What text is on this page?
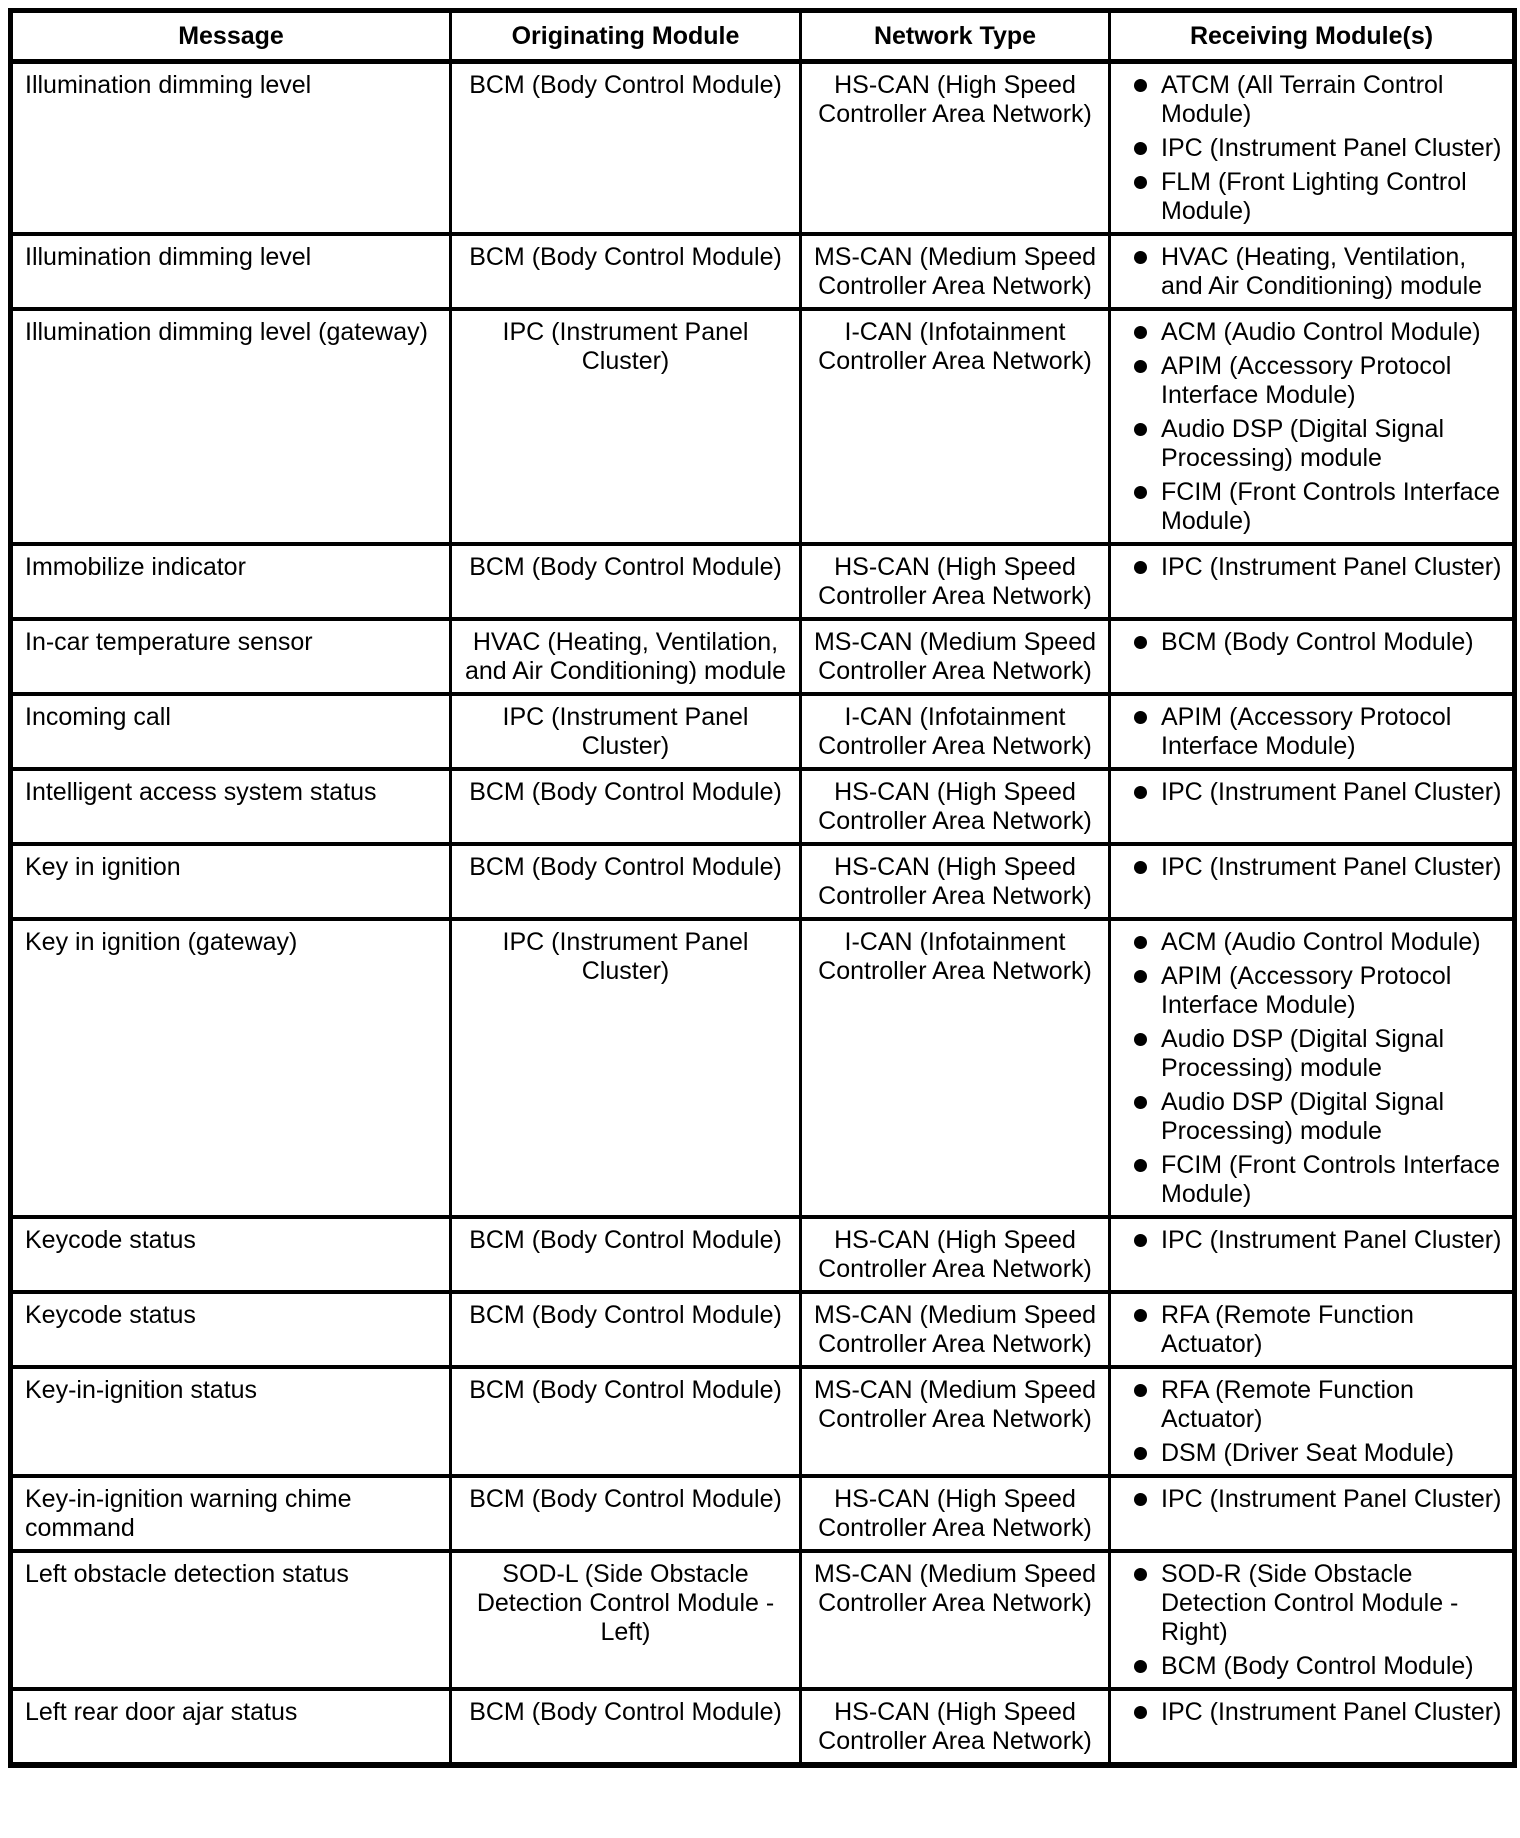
Message	Originating Module	Network Type	Receiving Module(s)
Illumination dimming level	BCM (Body Control Module)	HS-CAN (High Speed Controller Area Network)	
ATCM (All Terrain Control Module)
IPC (Instrument Panel Cluster)
FLM (Front Lighting Control Module)

Illumination dimming level	BCM (Body Control Module)	MS-CAN (Medium Speed Controller Area Network)	
HVAC (Heating, Ventilation, and Air Conditioning) module

Illumination dimming level (gateway)	IPC (Instrument Panel Cluster)	I-CAN (Infotainment Controller Area Network)	
ACM (Audio Control Module)
APIM (Accessory Protocol Interface Module)
Audio DSP (Digital Signal Processing) module
FCIM (Front Controls Interface Module)

Immobilize indicator	BCM (Body Control Module)	HS-CAN (High Speed Controller Area Network)	
IPC (Instrument Panel Cluster)

In-car temperature sensor	HVAC (Heating, Ventilation, and Air Conditioning) module	MS-CAN (Medium Speed Controller Area Network)	
BCM (Body Control Module)

Incoming call	IPC (Instrument Panel Cluster)	I-CAN (Infotainment Controller Area Network)	
APIM (Accessory Protocol Interface Module)

Intelligent access system status	BCM (Body Control Module)	HS-CAN (High Speed Controller Area Network)	
IPC (Instrument Panel Cluster)

Key in ignition	BCM (Body Control Module)	HS-CAN (High Speed Controller Area Network)	
IPC (Instrument Panel Cluster)

Key in ignition (gateway)	IPC (Instrument Panel Cluster)	I-CAN (Infotainment Controller Area Network)	
ACM (Audio Control Module)
APIM (Accessory Protocol Interface Module)
Audio DSP (Digital Signal Processing) module
Audio DSP (Digital Signal Processing) module
FCIM (Front Controls Interface Module)

Keycode status	BCM (Body Control Module)	HS-CAN (High Speed Controller Area Network)	
IPC (Instrument Panel Cluster)

Keycode status	BCM (Body Control Module)	MS-CAN (Medium Speed Controller Area Network)	
RFA (Remote Function Actuator)

Key-in-ignition status	BCM (Body Control Module)	MS-CAN (Medium Speed Controller Area Network)	
RFA (Remote Function Actuator)
DSM (Driver Seat Module)

Key-in-ignition warning chime command	BCM (Body Control Module)	HS-CAN (High Speed Controller Area Network)	
IPC (Instrument Panel Cluster)

Left obstacle detection status	SOD-L (Side Obstacle Detection Control Module - Left)	MS-CAN (Medium Speed Controller Area Network)	
SOD-R (Side Obstacle Detection Control Module - Right)
BCM (Body Control Module)

Left rear door ajar status	BCM (Body Control Module)	HS-CAN (High Speed Controller Area Network)	
IPC (Instrument Panel Cluster)
